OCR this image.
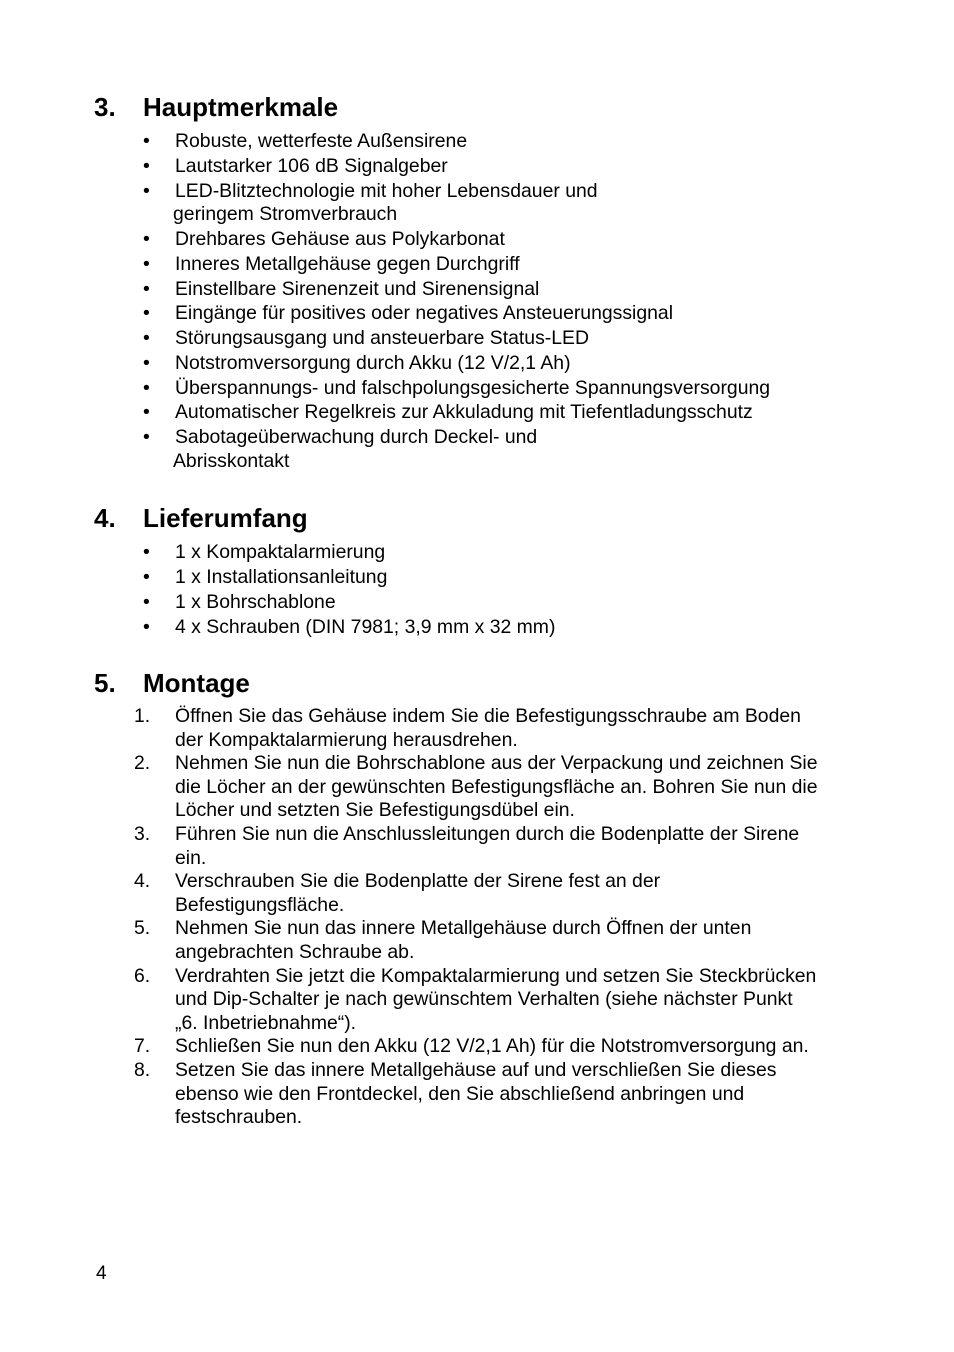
3. Hauptmerkmale
• Robuste, wetterfeste Außensirene
• Lautstarker 106 dB Signalgeber
• LED-Blitztechnologie mit hoher Lebensdauer und
geringem Stromverbrauch
• Drehbares Gehäuse aus Polykarbonat
• Inneres Metallgehäuse gegen Durchgriff
• Einstellbare Sirenenzeit und Sirenensignal
• Eingänge für positives oder negatives Ansteuerungssignal
• Störungsausgang und ansteuerbare Status-LED
• Notstromversorgung durch Akku (12 V/2,1 Ah)
• Überspannungs- und falschpolungsgesicherte Spannungsversorgung
• Automatischer Regelkreis zur Akkuladung mit Tiefentladungsschutz
• Sabotageüberwachung durch Deckel- und
Abrisskontakt
4. Lieferumfang
• 1 x Kompaktalarmierung
• 1 x Installationsanleitung
• 1 x Bohrschablone
• 4 x Schrauben (DIN 7981; 3,9 mm x 32 mm)
5. Montage
1. Öffnen Sie das Gehäuse indem Sie die Befestigungsschraube am Boden
der Kompaktalarmierung herausdrehen.
2. Nehmen Sie nun die Bohrschablone aus der Verpackung und zeichnen Sie
die Löcher an der gewünschten Befestigungsfläche an. Bohren Sie nun die
Löcher und setzten Sie Befestigungsdübel ein.
3. Führen Sie nun die Anschlussleitungen durch die Bodenplatte der Sirene
ein.
4. Verschrauben Sie die Bodenplatte der Sirene fest an der
Befestigungsfläche.
5. Nehmen Sie nun das innere Metallgehäuse durch Öffnen der unten
angebrachten Schraube ab.
6. Verdrahten Sie jetzt die Kompaktalarmierung und setzen Sie Steckbrücken
und Dip-Schalter je nach gewünschtem Verhalten (siehe nächster Punkt
„6. Inbetriebnahme“).
7. Schließen Sie nun den Akku (12 V/2,1 Ah) für die Notstromversorgung an.
8. Setzen Sie das innere Metallgehäuse auf und verschließen Sie dieses
ebenso wie den Frontdeckel, den Sie abschließend anbringen und
festschrauben.
4
